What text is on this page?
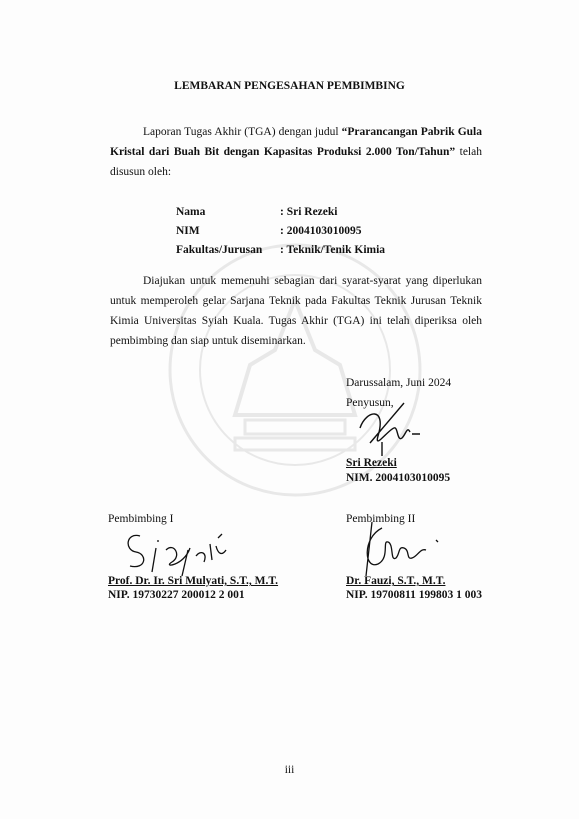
LEMBARAN PENGESAHAN PEMBIMBING
Laporan Tugas Akhir (TGA) dengan judul “Prarancangan Pabrik Gula Kristal dari Buah Bit dengan Kapasitas Produksi 2.000 Ton/Tahun” telah disusun oleh:
Nama	: Sri Rezeki
NIM	: 2004103010095
Fakultas/Jurusan : Teknik/Tenik Kimia
Diajukan untuk memenuhi sebagian dari syarat-syarat yang diperlukan untuk memperoleh gelar Sarjana Teknik pada Fakultas Teknik Jurusan Teknik Kimia Universitas Syiah Kuala. Tugas Akhir (TGA) ini telah diperiksa oleh pembimbing dan siap untuk diseminarkan.
Darussalam, Juni 2024
Penyusun,
Sri Rezeki
NIM. 2004103010095
Pembimbing I
Prof. Dr. Ir. Sri Mulyati, S.T., M.T.
NIP. 19730227 200012 2 001
Pembimbing II
Dr. Fauzi, S.T., M.T.
NIP. 19700811 199803 1 003
iii
